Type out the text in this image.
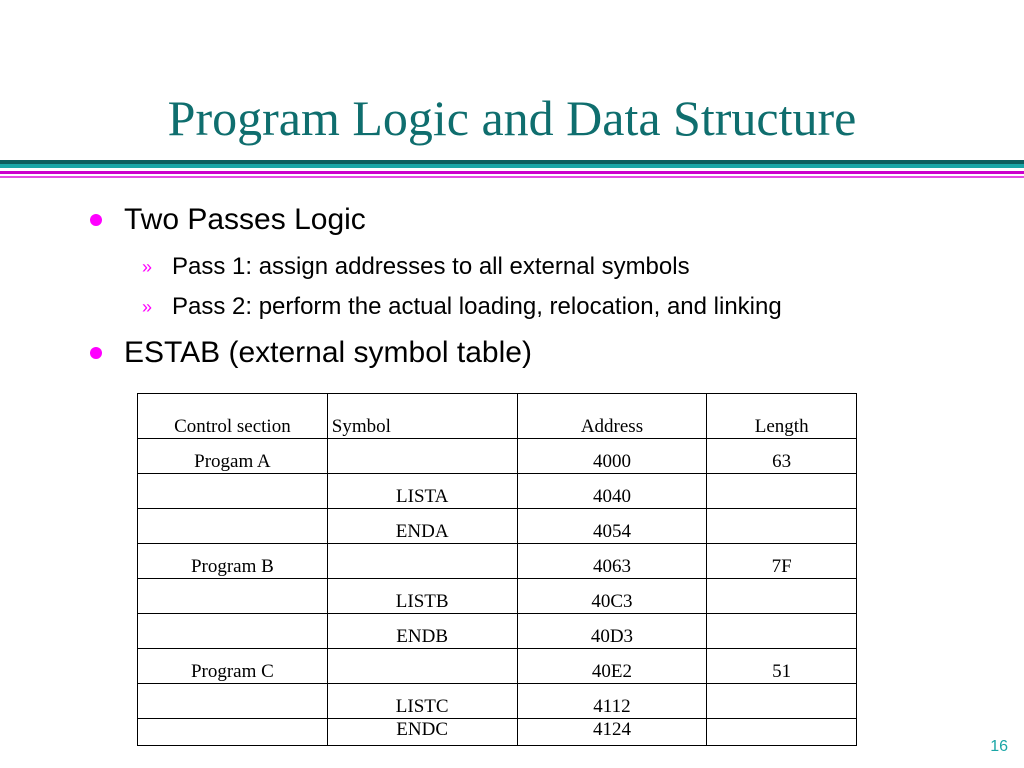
Program Logic and Data Structure
Two Passes Logic
» Pass 1: assign addresses to all external symbols
» Pass 2: perform the actual loading, relocation, and linking
ESTAB (external symbol table)
Control section	Symbol	Address	Length
Progam A		4000	63
	LISTA	4040	
	ENDA	4054	
Program B		4063	7F
	LISTB	40C3	
	ENDB	40D3	
Program C		40E2	51
	LISTC	4112	
	ENDC	4124	
16
